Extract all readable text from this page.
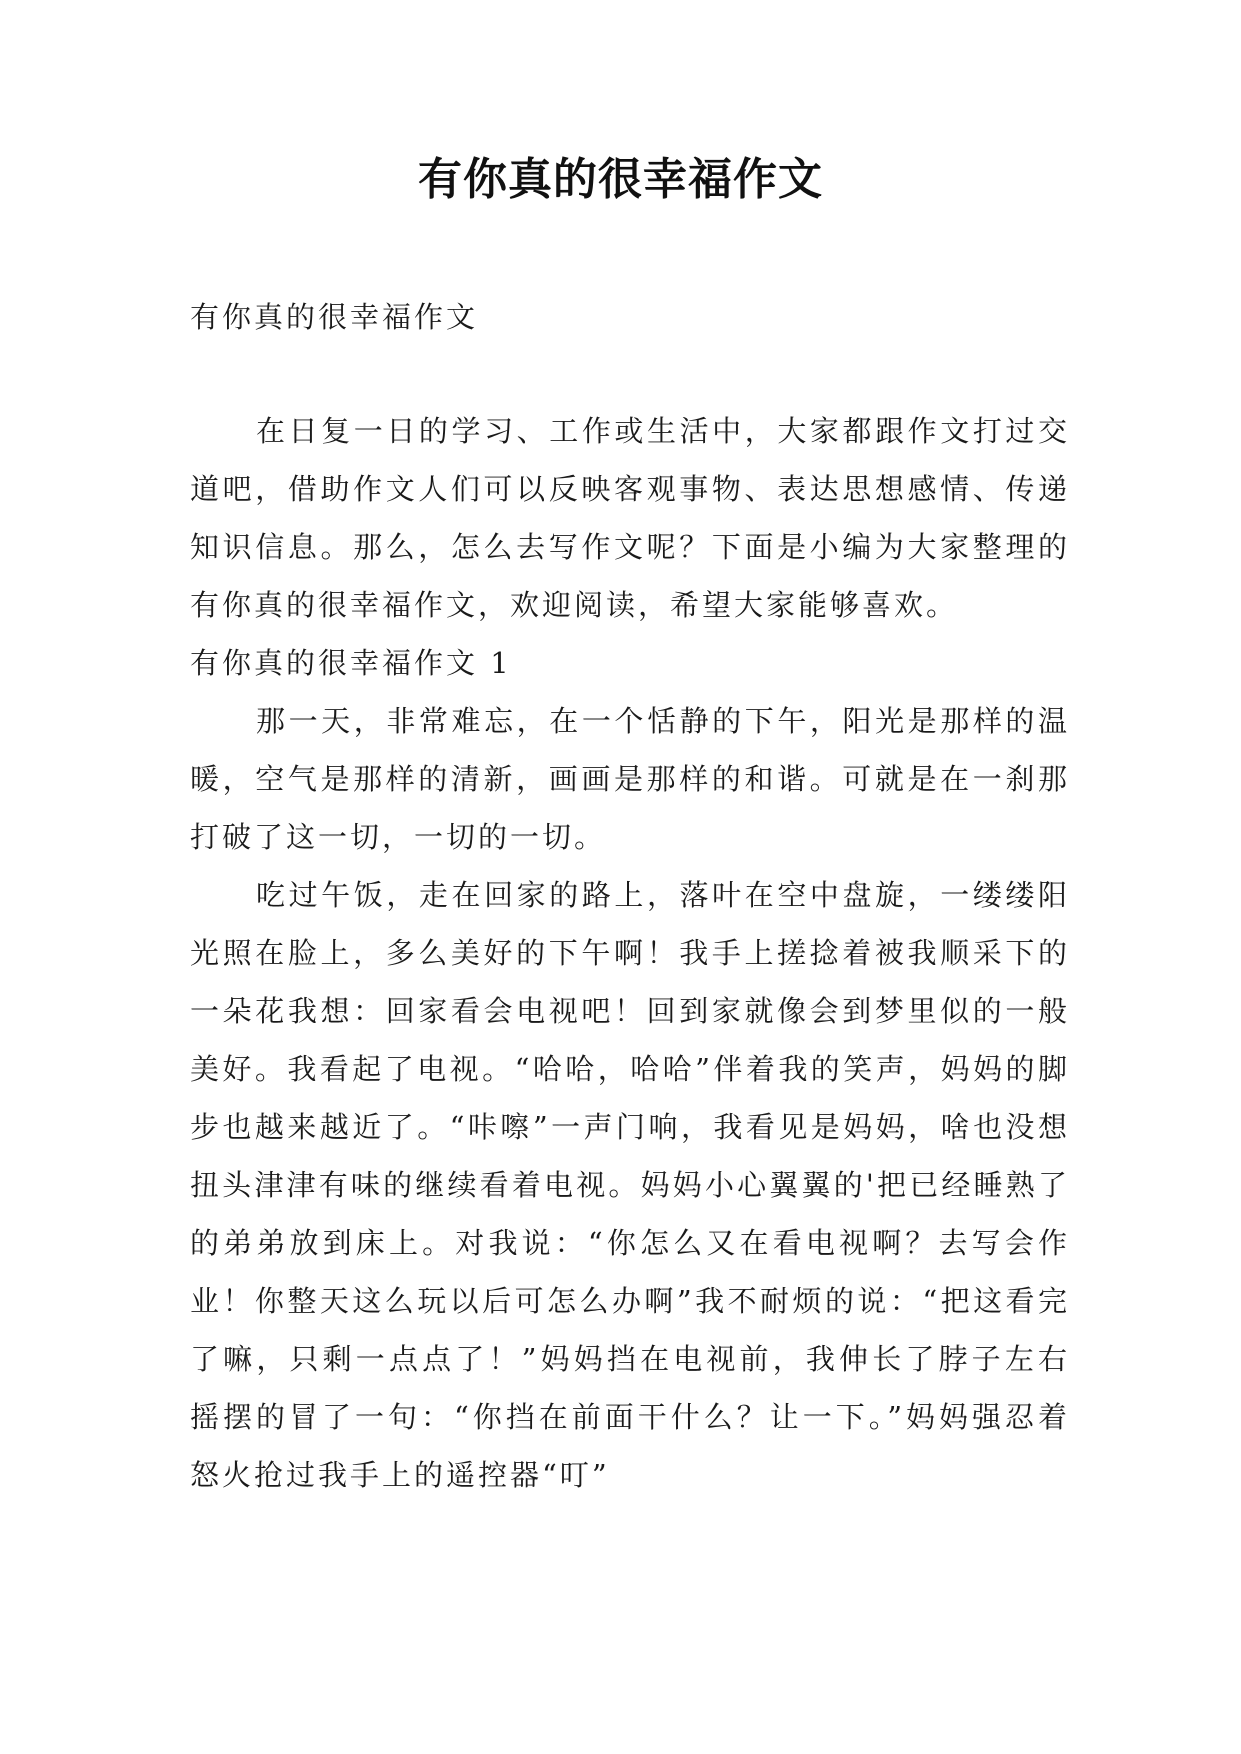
有你真的很幸福作文

有你真的很幸福作文

在日复一日的学习、工作或生活中，大家都跟作文打过交道吧，借助作文人们可以反映客观事物、表达思想感情、传递知识信息。那么，怎么去写作文呢？下面是小编为大家整理的有你真的很幸福作文，欢迎阅读，希望大家能够喜欢。

有你真的很幸福作文 1

那一天，非常难忘，在一个恬静的下午，阳光是那样的温暖，空气是那样的清新，画画是那样的和谐。可就是在一刹那打破了这一切，一切的一切。

吃过午饭，走在回家的路上，落叶在空中盘旋，一缕缕阳光照在脸上，多么美好的下午啊！我手上搓捻着被我顺采下的一朵花我想：回家看会电视吧！回到家就像会到梦里似的一般美好。我看起了电视。“哈哈，哈哈”伴着我的笑声，妈妈的脚步也越来越近了。“咔嚓”一声门响，我看见是妈妈，啥也没想扭头津津有味的继续看着电视。妈妈小心翼翼的'把已经睡熟了的弟弟放到床上。对我说：“你怎么又在看电视啊？去写会作业！你整天这么玩以后可怎么办啊”我不耐烦的说：“把这看完了嘛，只剩一点点了！”妈妈挡在电视前，我伸长了脖子左右摇摆的冒了一句：“你挡在前面干什么？让一下。”妈妈强忍着怒火抢过我手上的遥控器“叮”
